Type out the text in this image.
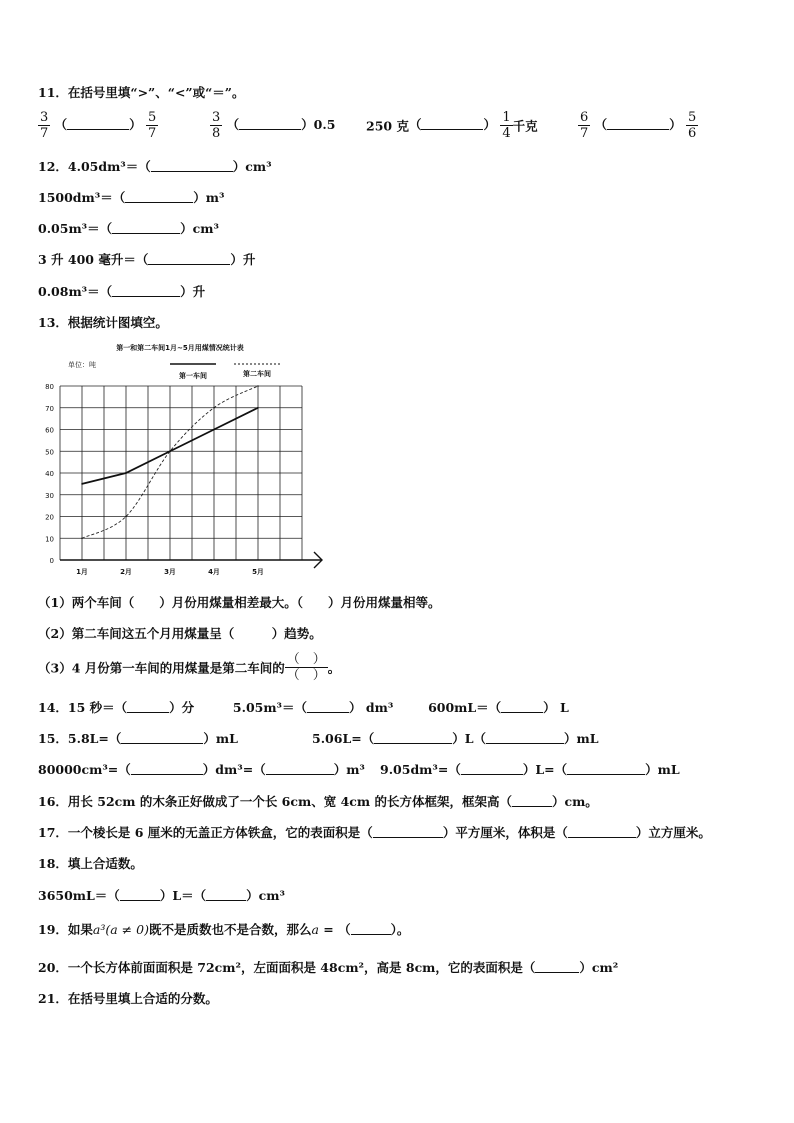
11．在括号里填“>”、“<”或“＝”。
$\frac{3}{7}$ （	） $\frac{5}{7}$	$\frac{3}{8}$ （	）0.5 250 克（	） $\frac{1}{4}$ 千克	$\frac{6}{7}$ （	） $\frac{5}{6}$
12．4.05dm³＝（	）cm³
1500dm³＝（	）m³
0.05m³＝（	）cm³
3 升 400 毫升＝（	）升
0.08m³＝（	）升
13．根据统计图填空。
0
10
20
30
40
50
60
70
80
1月	2月	3月	4月	5月
第一和第二车间1月~5月用煤情况统计表
单位：吨
第一车间	第二车间
（1）两个车间（　　）月份用煤量相差最大。（　　）月份用煤量相等。
（2）第二车间这五个月用煤量呈（　　　）趋势。
（3）4 月份第一车间的用煤量是第二车间的 $\frac{( )}{( )}$ 。
14．15 秒＝（	）分	5.05m³＝（	） dm³	600mL＝（	） L
15．5.8L=（	）mL	5.06L=（	）L（	）mL
80000cm³=（	）dm³=（	）m³ 9.05dm³=（	）L=（	）mL
16．用长 52cm 的木条正好做成了一个长 6cm、宽 4cm 的长方体框架，框架高（	）cm。
17．一个棱长是 6 厘米的无盖正方体铁盒，它的表面积是（	）平方厘米，体积是（	）立方厘米。
18．填上合适数。
3650mL＝（	）L＝（	）cm³
19．如果a³(a ≠ 0)既不是质数也不是合数，那么a = （	）。
20．一个长方体前面面积是 72cm²，左面面积是 48cm²，高是 8cm，它的表面积是（	）cm²
21．在括号里填上合适的分数。
